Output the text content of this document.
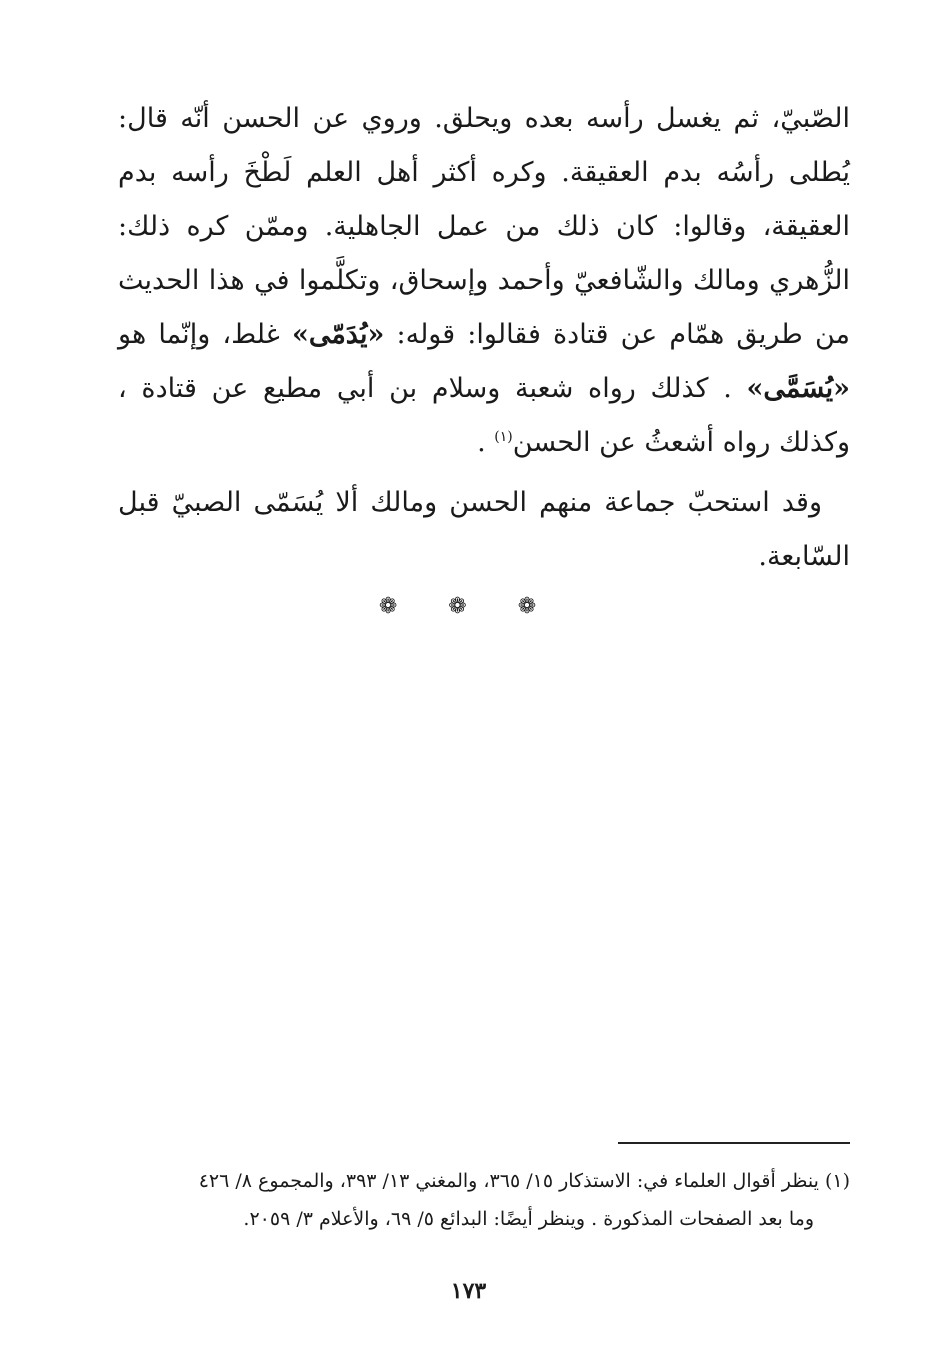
الصّبيّ، ثم يغسل رأسه بعده ويحلق. وروي عن الحسن أنّه قال: يُطلى رأسُه بدم العقيقة. وكره أكثر أهل العلم لَطْخَ رأسه بدم العقيقة، وقالوا: كان ذلك من عمل الجاهلية. وممّن كره ذلك: الزُّهري ومالك والشّافعيّ وأحمد وإسحاق، وتكلَّموا في هذا الحديث من طريق همّام عن قتادة فقالوا: قوله: «يُدَمّى» غلط، وإنّما هو «يُسَمَّى» . كذلك رواه شعبة وسلام بن أبي مطيع عن قتادة ، وكذلك رواه أشعثُ عن الحسن$^{(١)}$ .

وقد استحبّ جماعة منهم الحسن ومالك ألا يُسَمّى الصبيّ قبل السّابعة.

❁ ❁ ❁

(١) ينظر أقوال العلماء في: الاستذكار ١٥/ ٣٦٥، والمغني ١٣/ ٣٩٣، والمجموع ٨/ ٤٢٦

وما بعد الصفحات المذكورة . وينظر أيضًا: البدائع ٥/ ٦٩، والأعلام ٣/ ٢٠٥٩.

١٧٣
